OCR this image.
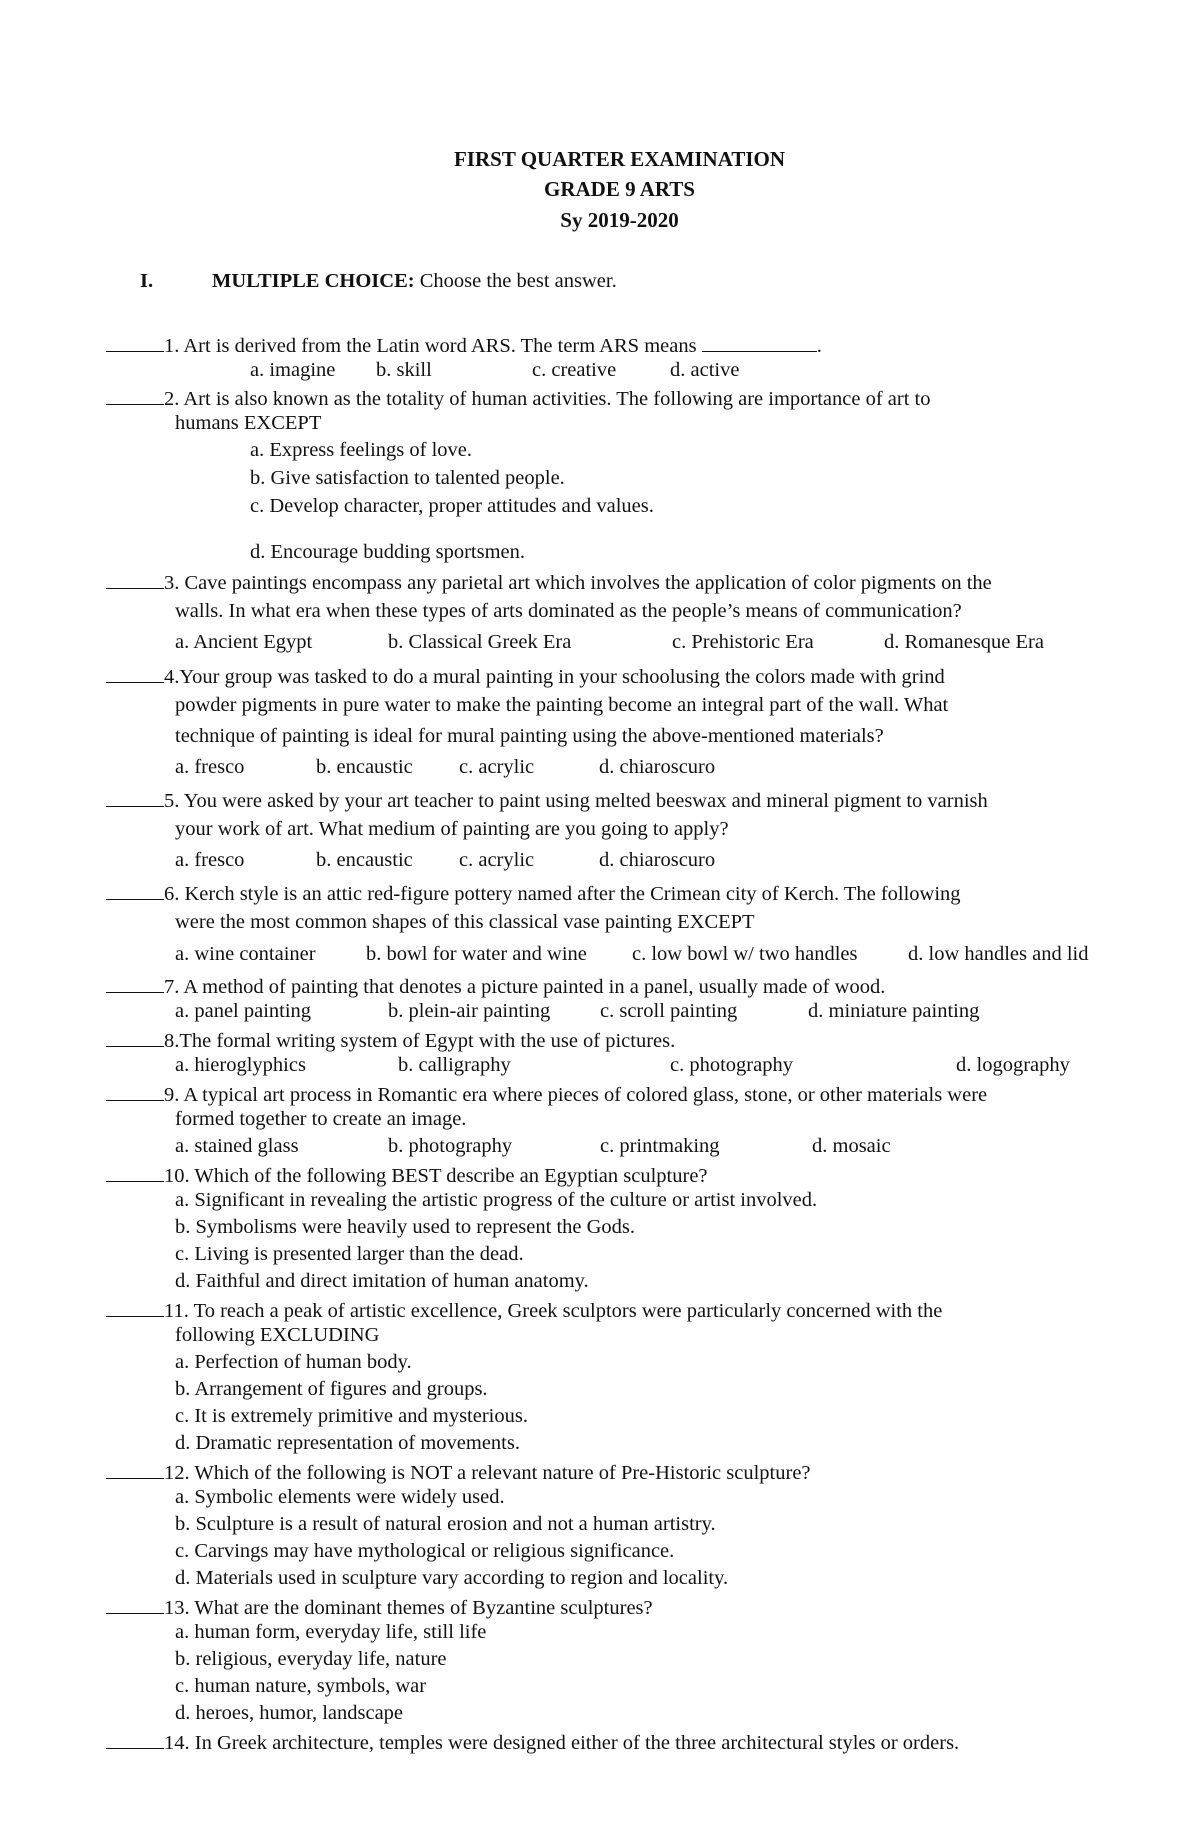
FIRST QUARTER EXAMINATION
GRADE 9 ARTS
Sy 2019-2020
I.	MULTIPLE CHOICE: Choose the best answer.
1. Art is derived from the Latin word ARS. The term ARS means	.
a. imagine b. skill	c. creative	d. active
2. Art is also known as the totality of human activities. The following are importance of art to
humans EXCEPT
a. Express feelings of love.
b. Give satisfaction to talented people.
c. Develop character, proper attitudes and values.
d. Encourage budding sportsmen.
3. Cave paintings encompass any parietal art which involves the application of color pigments on the
walls. In what era when these types of arts dominated as the people’s means of communication?
a. Ancient Egypt	b. Classical Greek Era	c. Prehistoric Era	d. Romanesque Era
4.Your group was tasked to do a mural painting in your schoolusing the colors made with grind
powder pigments in pure water to make the painting become an integral part of the wall. What
technique of painting is ideal for mural painting using the above-mentioned materials?
a. fresco	b. encaustic c. acrylic	d. chiaroscuro
5. You were asked by your art teacher to paint using melted beeswax and mineral pigment to varnish
your work of art. What medium of painting are you going to apply?
a. fresco	b. encaustic c. acrylic	d. chiaroscuro
6. Kerch style is an attic red-figure pottery named after the Crimean city of Kerch. The following
were the most common shapes of this classical vase painting EXCEPT
a. wine container b. bowl for water and wine c. low bowl w/ two handles d. low handles and lid
7. A method of painting that denotes a picture painted in a panel, usually made of wood.
a. panel painting	b. plein-air painting c. scroll painting	d. miniature painting
8.The formal writing system of Egypt with the use of pictures.
a. hieroglyphics	b. calligraphy	c. photography	d. logography
9. A typical art process in Romantic era where pieces of colored glass, stone, or other materials were
formed together to create an image.
a. stained glass	b. photography	c. printmaking	d. mosaic
10. Which of the following BEST describe an Egyptian sculpture?
a. Significant in revealing the artistic progress of the culture or artist involved.
b. Symbolisms were heavily used to represent the Gods.
c. Living is presented larger than the dead.
d. Faithful and direct imitation of human anatomy.
11. To reach a peak of artistic excellence, Greek sculptors were particularly concerned with the
following EXCLUDING
a. Perfection of human body.
b. Arrangement of figures and groups.
c. It is extremely primitive and mysterious.
d. Dramatic representation of movements.
12. Which of the following is NOT a relevant nature of Pre-Historic sculpture?
a. Symbolic elements were widely used.
b. Sculpture is a result of natural erosion and not a human artistry.
c. Carvings may have mythological or religious significance.
d. Materials used in sculpture vary according to region and locality.
13. What are the dominant themes of Byzantine sculptures?
a. human form, everyday life, still life
b. religious, everyday life, nature
c. human nature, symbols, war
d. heroes, humor, landscape
14. In Greek architecture, temples were designed either of the three architectural styles or orders.
